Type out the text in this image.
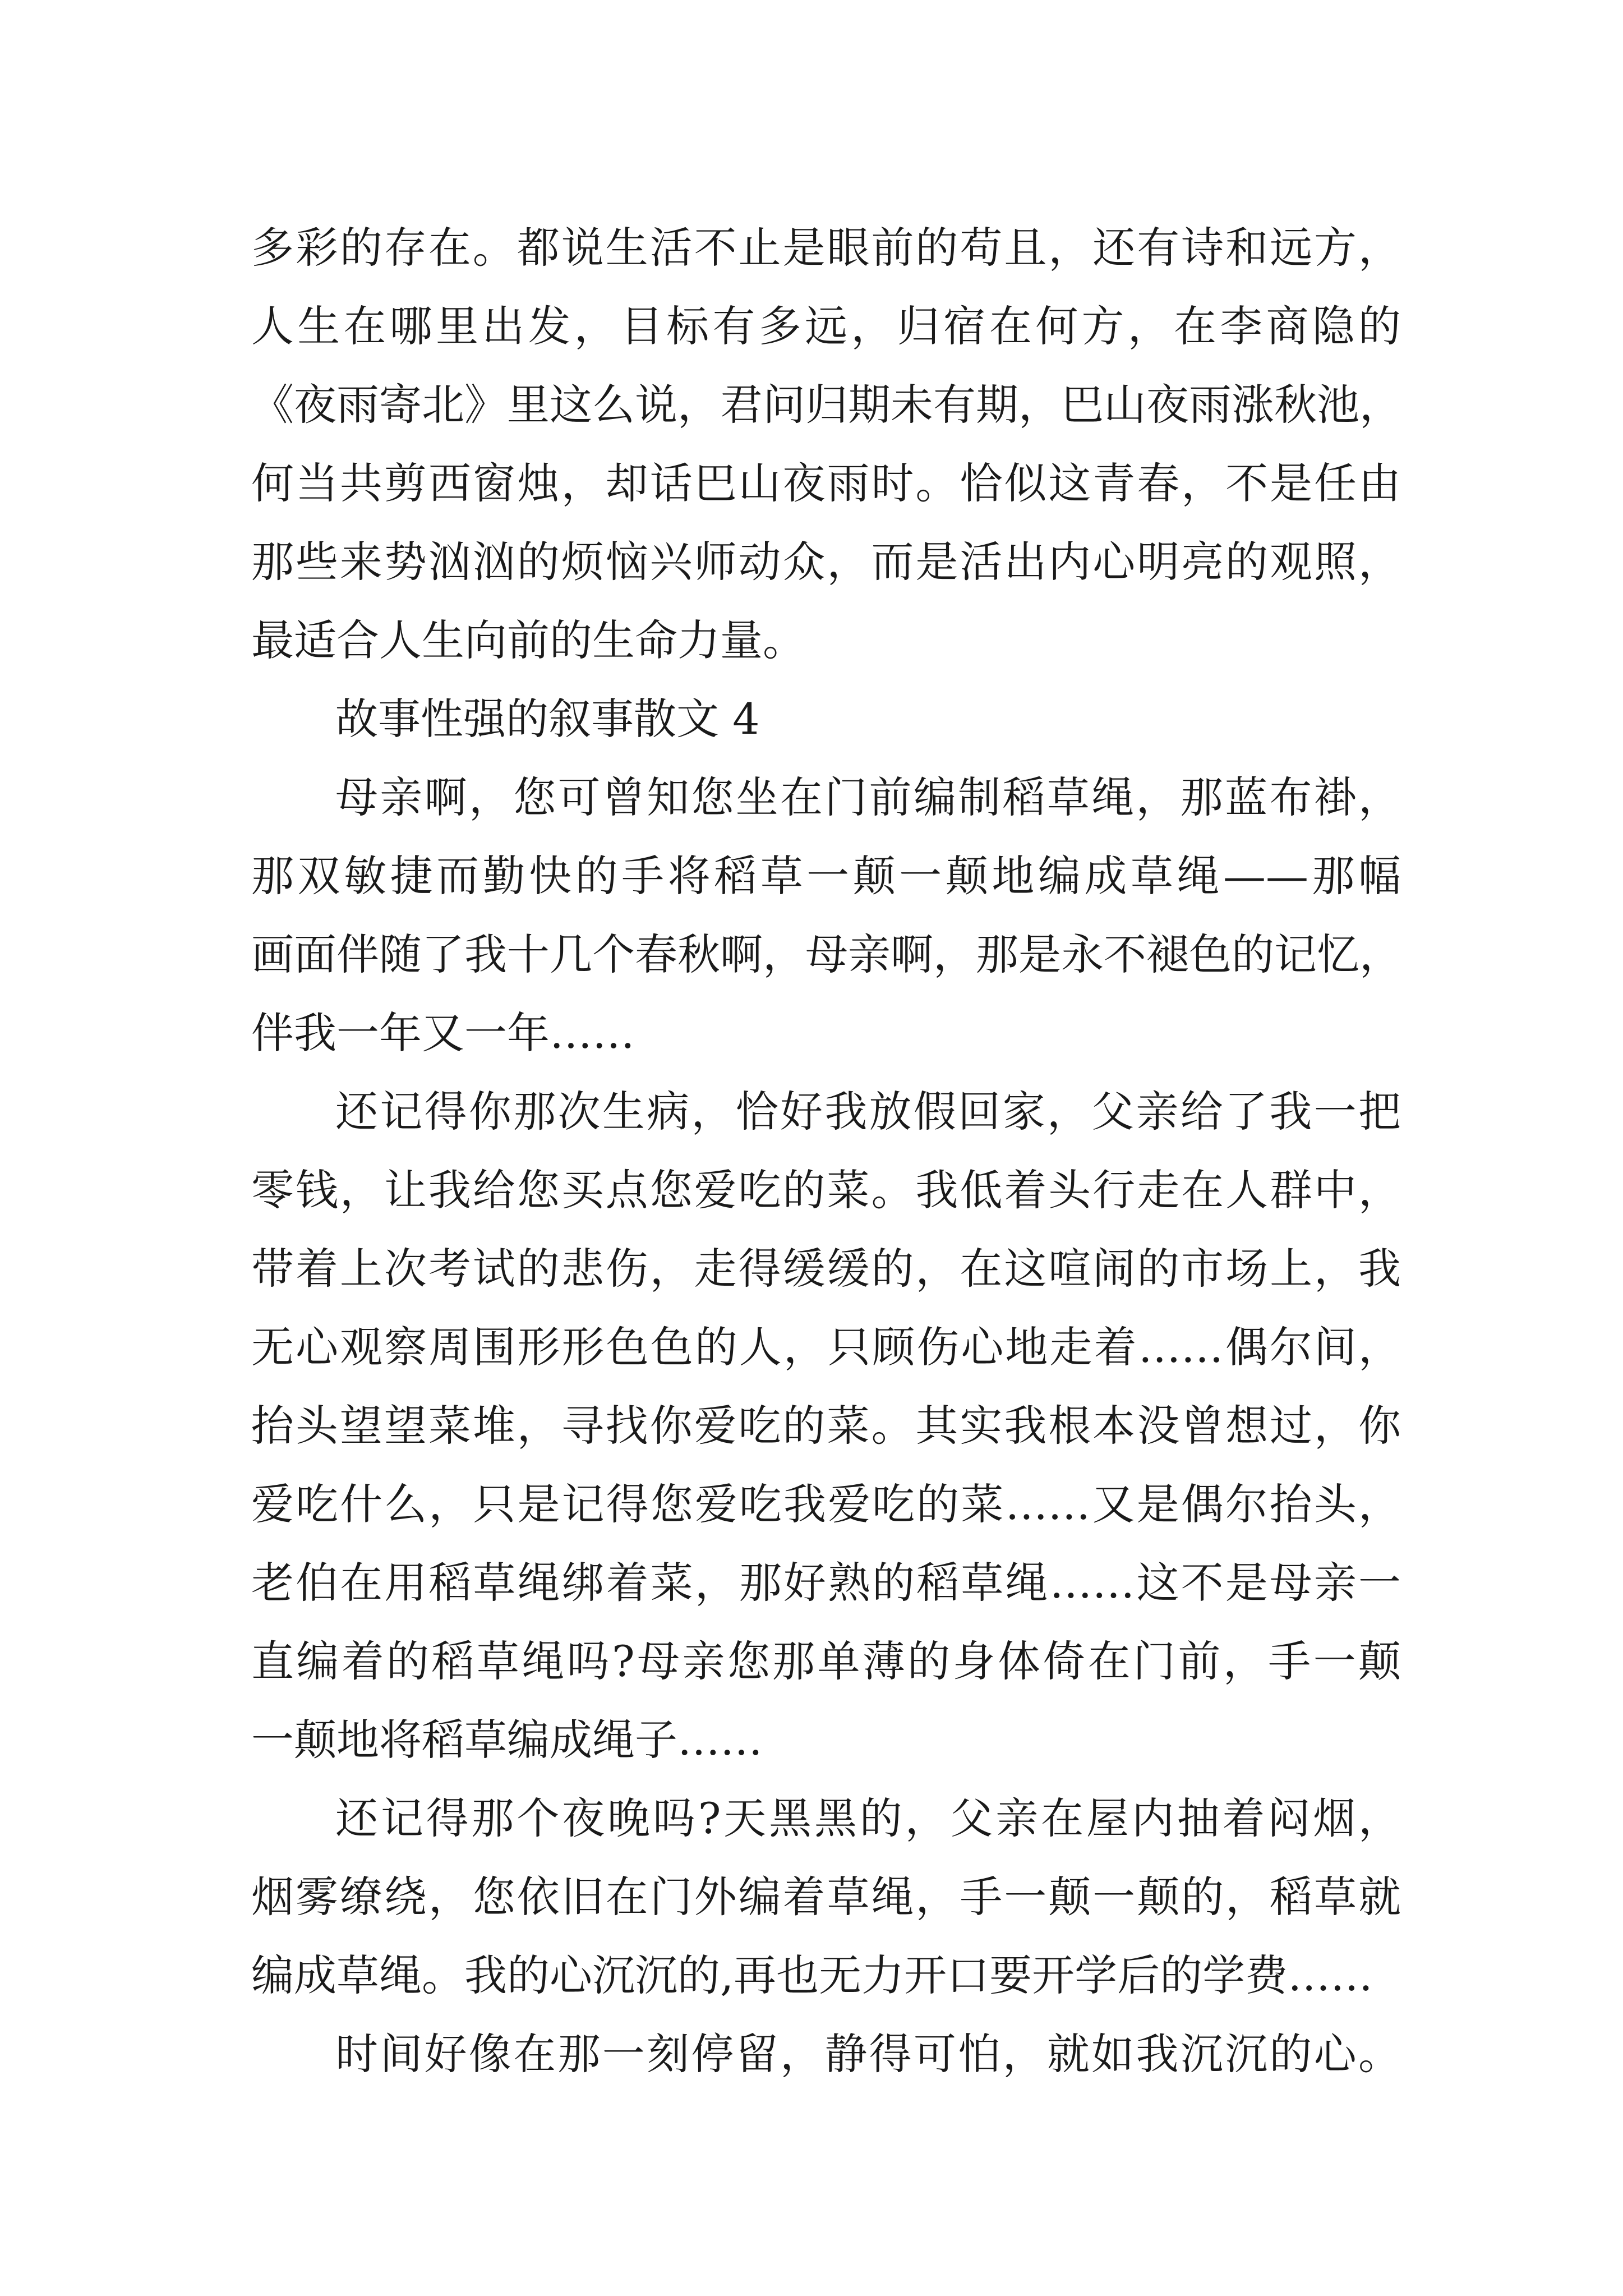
多彩的存在。都说生活不止是眼前的苟且，还有诗和远方，
人生在哪里出发，目标有多远，归宿在何方，在李商隐的
《夜雨寄北》里这么说，君问归期未有期，巴山夜雨涨秋池，
何当共剪西窗烛，却话巴山夜雨时。恰似这青春，不是任由
那些来势汹汹的烦恼兴师动众，而是活出内心明亮的观照，
最适合人生向前的生命力量。
故事性强的叙事散文 4
母亲啊，您可曾知您坐在门前编制稻草绳，那蓝布褂，
那双敏捷而勤快的手将稻草一颠一颠地编成草绳——那幅
画面伴随了我十几个春秋啊，母亲啊，那是永不褪色的记忆，
伴我一年又一年……
还记得你那次生病，恰好我放假回家，父亲给了我一把
零钱，让我给您买点您爱吃的菜。我低着头行走在人群中，
带着上次考试的悲伤，走得缓缓的，在这喧闹的市场上，我
无心观察周围形形色色的人，只顾伤心地走着……偶尔间，
抬头望望菜堆，寻找你爱吃的菜。其实我根本没曾想过，你
爱吃什么，只是记得您爱吃我爱吃的菜……又是偶尔抬头，
老伯在用稻草绳绑着菜，那好熟的稻草绳……这不是母亲一
直编着的稻草绳吗?母亲您那单薄的身体倚在门前，手一颠
一颠地将稻草编成绳子……
还记得那个夜晚吗?天黑黑的，父亲在屋内抽着闷烟，
烟雾缭绕，您依旧在门外编着草绳，手一颠一颠的，稻草就
编成草绳。我的心沉沉的,再也无力开口要开学后的学费……
时间好像在那一刻停留，静得可怕，就如我沉沉的心。
